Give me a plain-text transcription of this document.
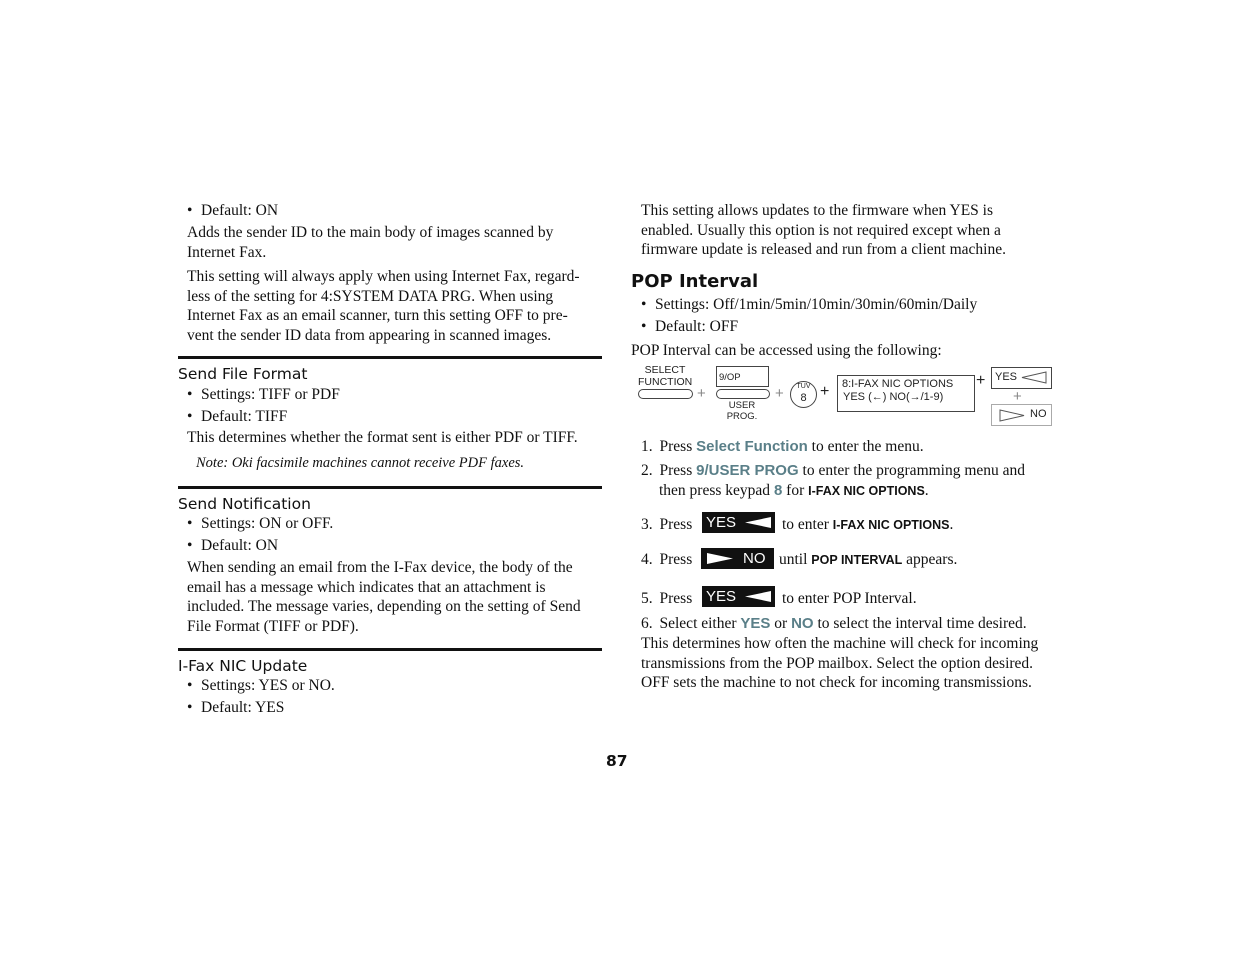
• Default: ON
Adds the sender ID to the main body of images scanned by Internet Fax.
This setting will always apply when using Internet Fax, regard-
less of the setting for 4:SYSTEM DATA PRG. When using
Internet Fax as an email scanner, turn this setting OFF to pre-
vent the sender ID data from appearing in scanned images.
Send File Format
• Settings: TIFF or PDF
• Default: TIFF
This determines whether the format sent is either PDF or TIFF.
Note: Oki facsimile machines cannot receive PDF faxes.
Send Notification
• Settings: ON or OFF.
• Default: ON
When sending an email from the I-Fax device, the body of the
email has a message which indicates that an attachment is
included. The message varies, depending on the setting of Send
File Format (TIFF or PDF).
I-Fax NIC Update
• Settings: YES or NO.
• Default: YES
This setting allows updates to the firmware when YES is
enabled. Usually this option is not required except when a
firmware update is released and run from a client machine.
POP Interval
• Settings: Off/1min/5min/10min/30min/60min/Daily
• Default: OFF
POP Interval can be accessed using the following:
SELECT
FUNCTION
+
9/OP
USER
PROG.
+	TUV
8 + 8:I-FAX NIC OPTIONS
YES (←) NO(→/1-9)
+ YES
+
NO
1. Press Select Function to enter the menu.
2. Press 9/USER PROG to enter the programming menu and
then press keypad 8 for I-FAX NIC OPTIONS.
3. Press YES	to enter I-FAX NIC OPTIONS.
4. Press	NO until POP INTERVAL appears.
5. Press YES	to enter POP Interval.
6. Select either YES or NO to select the interval time desired.
This determines how often the machine will check for incoming
transmissions from the POP mailbox. Select the option desired.
OFF sets the machine to not check for incoming transmissions.
87
